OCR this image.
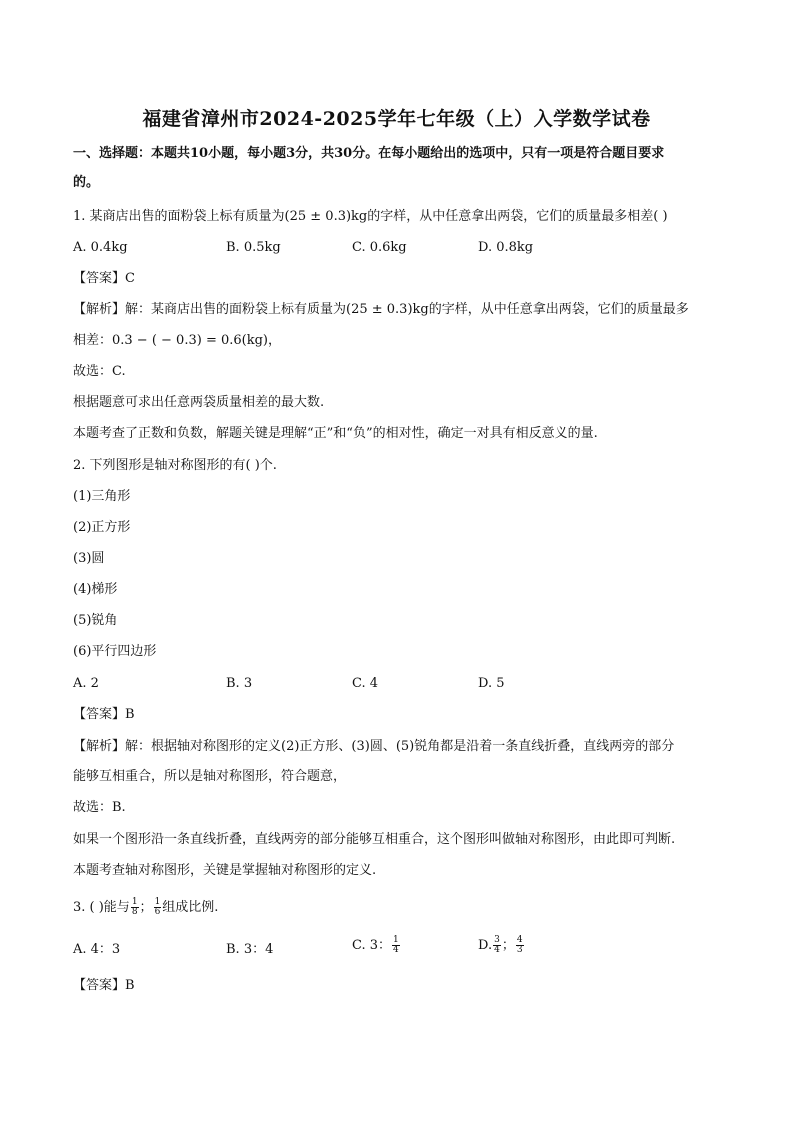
福建省漳州市2024-2025学年七年级（上）入学数学试卷
一、选择题：本题共10小题，每小题3分，共30分。在每小题给出的选项中，只有一项是符合题目要求
的。
1. 某商店出售的面粉袋上标有质量为(25 ± 0.3)kg的字样，从中任意拿出两袋，它们的质量最多相差( )
A. 0.4kg	B. 0.5kg	C. 0.6kg	D. 0.8kg
【答案】C
【解析】解：某商店出售的面粉袋上标有质量为(25 ± 0.3)kg的字样，从中任意拿出两袋，它们的质量最多
相差：0.3 − ( − 0.3) = 0.6(kg)，
故选：C.
根据题意可求出任意两袋质量相差的最大数.
本题考查了正数和负数，解题关键是理解“正”和“负”的相对性，确定一对具有相反意义的量.
2. 下列图形是轴对称图形的有( )个.
(1)三角形
(2)正方形
(3)圆
(4)梯形
(5)锐角
(6)平行四边形
A. 2	B. 3	C. 4	D. 5
【答案】B
【解析】解：根据轴对称图形的定义(2)正方形、(3)圆、(5)锐角都是沿着一条直线折叠，直线两旁的部分
能够互相重合，所以是轴对称图形，符合题意，
故选：B.
如果一个图形沿一条直线折叠，直线两旁的部分能够互相重合，这个图形叫做轴对称图形，由此即可判断.
本题考查轴对称图形，关键是掌握轴对称图形的定义.
3. ( )能与 $\frac{1}{8}$ ； $\frac{1}{6}$ 组成比例.
A. 4：3	B. 3：4	C. 3： $\frac{1}{4}$	D. $\frac{3}{4}$ ； $\frac{4}{3}$
【答案】B
